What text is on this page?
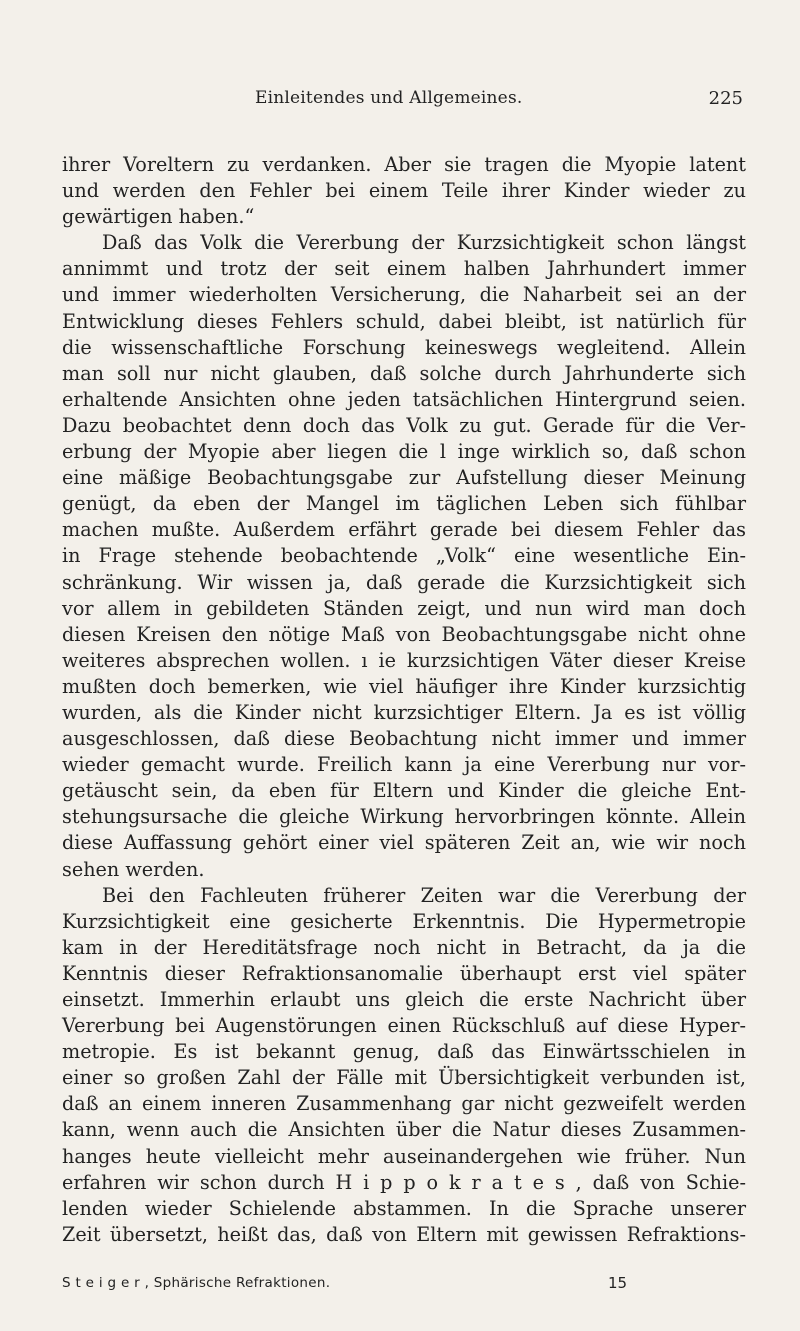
Einleitendes und Allgemeines.	225
ihrer Voreltern zu verdanken. Aber sie tragen die Myopie latent
und werden den Fehler bei einem Teile ihrer Kinder wieder zu
gewärtigen haben.“
Daß das Volk die Vererbung der Kurzsichtigkeit schon längst
annimmt und trotz der seit einem halben Jahrhundert immer
und immer wiederholten Versicherung, die Naharbeit sei an der
Entwicklung dieses Fehlers schuld, dabei bleibt, ist natürlich für
die wissenschaftliche Forschung keineswegs wegleitend. Allein
man soll nur nicht glauben, daß solche durch Jahrhunderte sich
erhaltende Ansichten ohne jeden tatsächlichen Hintergrund seien.
Dazu beobachtet denn doch das Volk zu gut. Gerade für die Ver-
erbung der Myopie aber liegen die l inge wirklich so, daß schon
eine mäßige Beobachtungsgabe zur Aufstellung dieser Meinung
genügt, da eben der Mangel im täglichen Leben sich fühlbar
machen mußte. Außerdem erfährt gerade bei diesem Fehler das
in Frage stehende beobachtende „Volk“ eine wesentliche Ein-
schränkung. Wir wissen ja, daß gerade die Kurzsichtigkeit sich
vor allem in gebildeten Ständen zeigt, und nun wird man doch
diesen Kreisen den nötige Maß von Beobachtungsgabe nicht ohne
weiteres absprechen wollen. ı ie kurzsichtigen Väter dieser Kreise
mußten doch bemerken, wie viel häufiger ihre Kinder kurzsichtig
wurden, als die Kinder nicht kurzsichtiger Eltern. Ja es ist völlig
ausgeschlossen, daß diese Beobachtung nicht immer und immer
wieder gemacht wurde. Freilich kann ja eine Vererbung nur vor-
getäuscht sein, da eben für Eltern und Kinder die gleiche Ent-
stehungsursache die gleiche Wirkung hervorbringen könnte. Allein
diese Auffassung gehört einer viel späteren Zeit an, wie wir noch
sehen werden.
Bei den Fachleuten früherer Zeiten war die Vererbung der
Kurzsichtigkeit eine gesicherte Erkenntnis. Die Hypermetropie
kam in der Hereditätsfrage noch nicht in Betracht, da ja die
Kenntnis dieser Refraktionsanomalie überhaupt erst viel später
einsetzt. Immerhin erlaubt uns gleich die erste Nachricht über
Vererbung bei Augenstörungen einen Rückschluß auf diese Hyper-
metropie. Es ist bekannt genug, daß das Einwärtsschielen in
einer so großen Zahl der Fälle mit Übersichtigkeit verbunden ist,
daß an einem inneren Zusammenhang gar nicht gezweifelt werden
kann, wenn auch die Ansichten über die Natur dieses Zusammen-
hanges heute vielleicht mehr auseinandergehen wie früher. Nun
erfahren wir schon durch H i p p o k r a t e s , daß von Schie-
lenden wieder Schielende abstammen. In die Sprache unserer
Zeit übersetzt, heißt das, daß von Eltern mit gewissen Refraktions-
S t e i g e r , Sphärische Refraktionen.	15
